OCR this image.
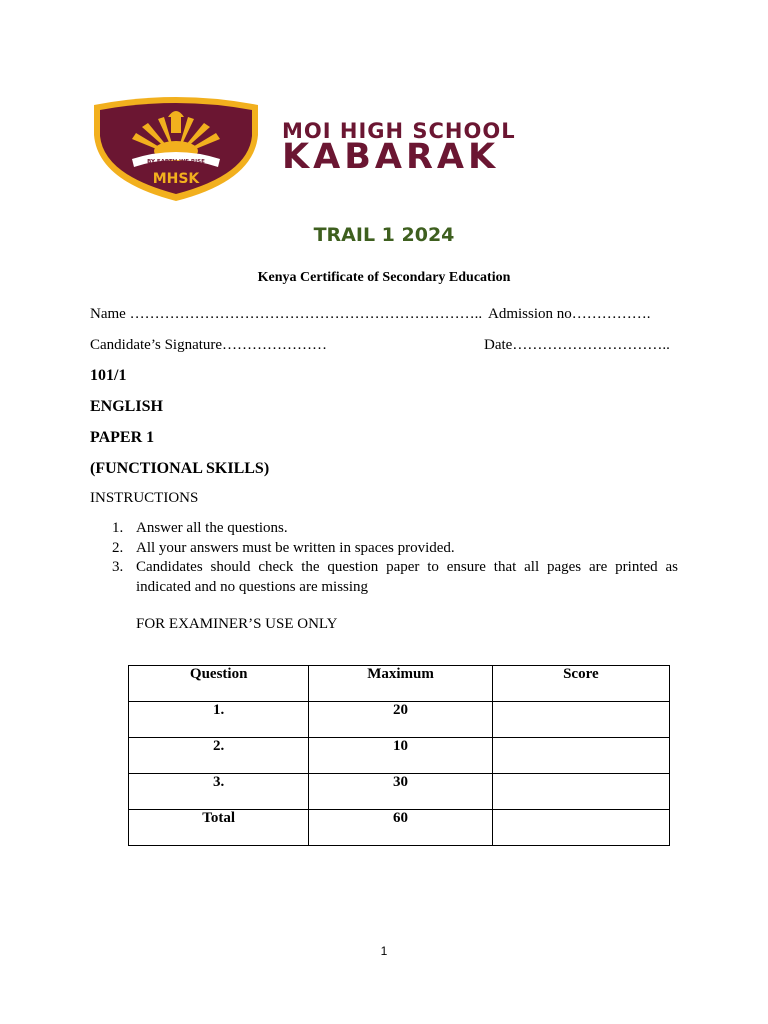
BY EARTH WE RISE
MHSK
MOI HIGH SCHOOL
KABARAK
TRAIL 1 2024
Kenya Certificate of Secondary Education
Name …………………………………………………………….. Admission no…………….
Candidate’s Signature…………………	Date…………………………..
101/1
ENGLISH
PAPER 1
(FUNCTIONAL SKILLS)
INSTRUCTIONS
1. Answer all the questions.
2. All your answers must be written in spaces provided.
3. Candidates should check the question paper to ensure that all pages are printed as indicated and no questions are missing
FOR EXAMINER’S USE ONLY
Question	Maximum	Score
1.	20	
2.	10	
3.	30	
Total	60	
1
